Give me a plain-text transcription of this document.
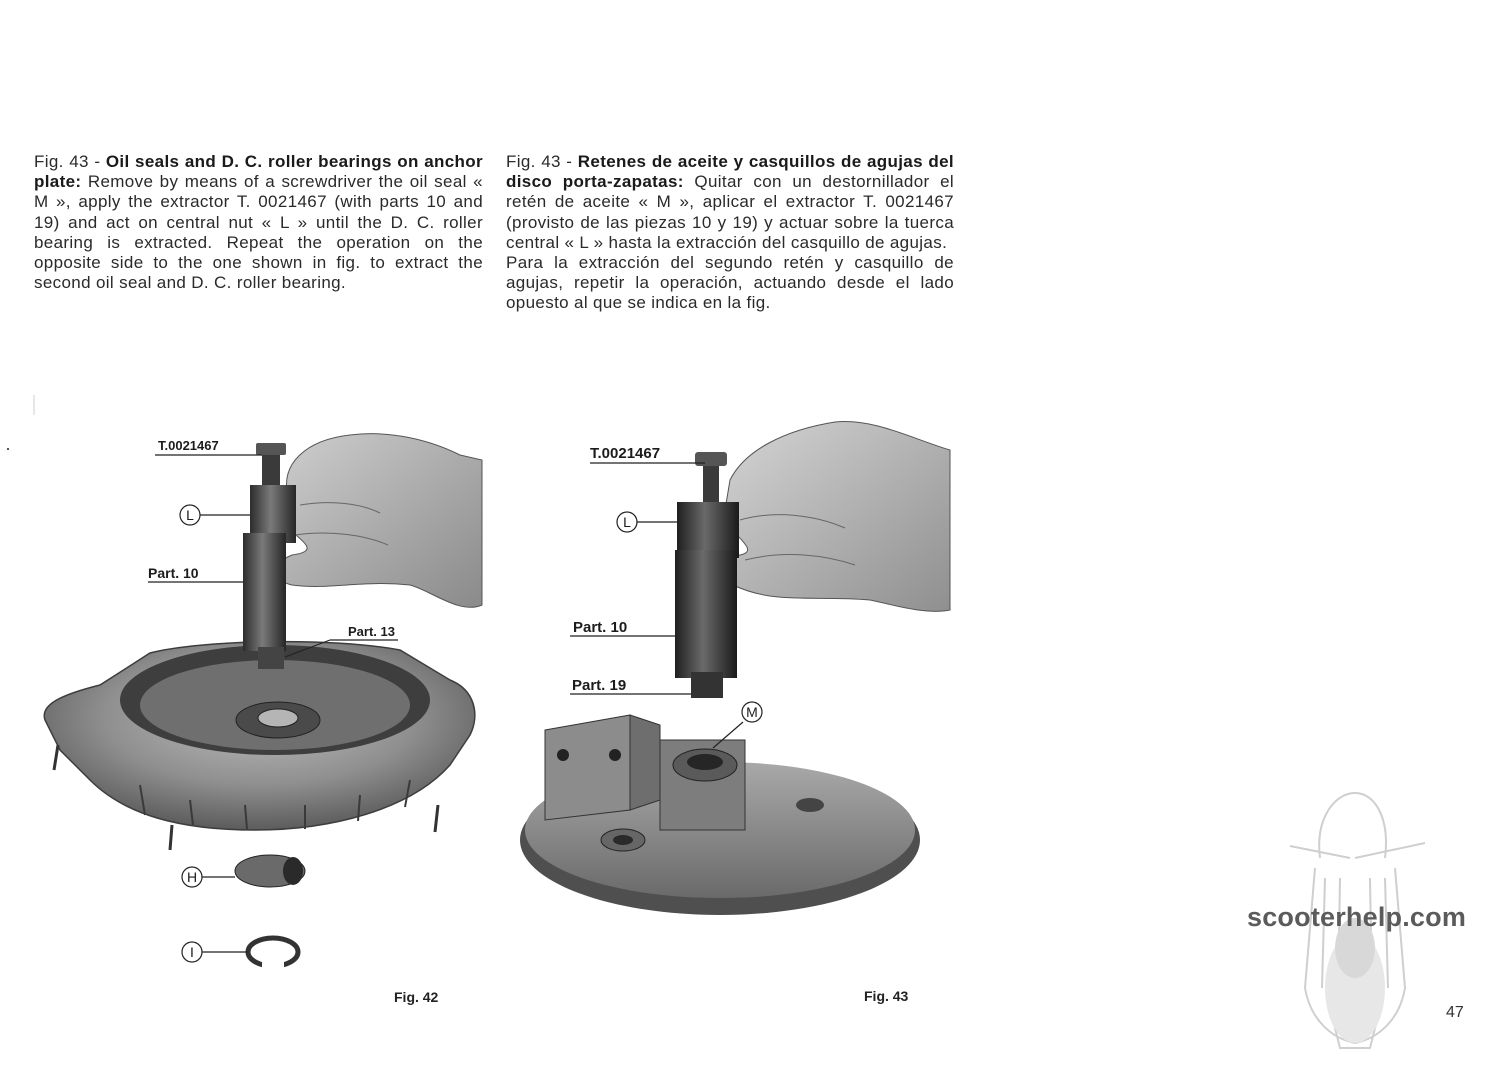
Fig. 43 - Oil seals and D. C. roller bearings on anchor plate: Remove by means of a screwdriver the oil seal « M », apply the extractor T. 0021467 (with parts 10 and 19) and act on central nut « L » until the D. C. roller bearing is extracted. Repeat the operation on the opposite side to the one shown in fig. to extract the second oil seal and D. C. roller bearing.

Fig. 43 - Retenes de aceite y casquillos de agujas del disco porta-zapatas: Quitar con un destornillador el retén de aceite « M », aplicar el extractor T. 0021467 (provisto de las piezas 10 y 19) y actuar sobre la tuerca central « L » hasta la extracción del casquillo de agujas.

Para la extracción del segundo retén y casquillo de agujas, repetir la operación, actuando desde el lado opuesto al que se indica en la fig.

T.0021467
L
Part. 10
Part. 13
H
I
Fig. 42
T.0021467
L
Part. 10
Part. 19
M
Fig. 43
scooterhelp.com
47
